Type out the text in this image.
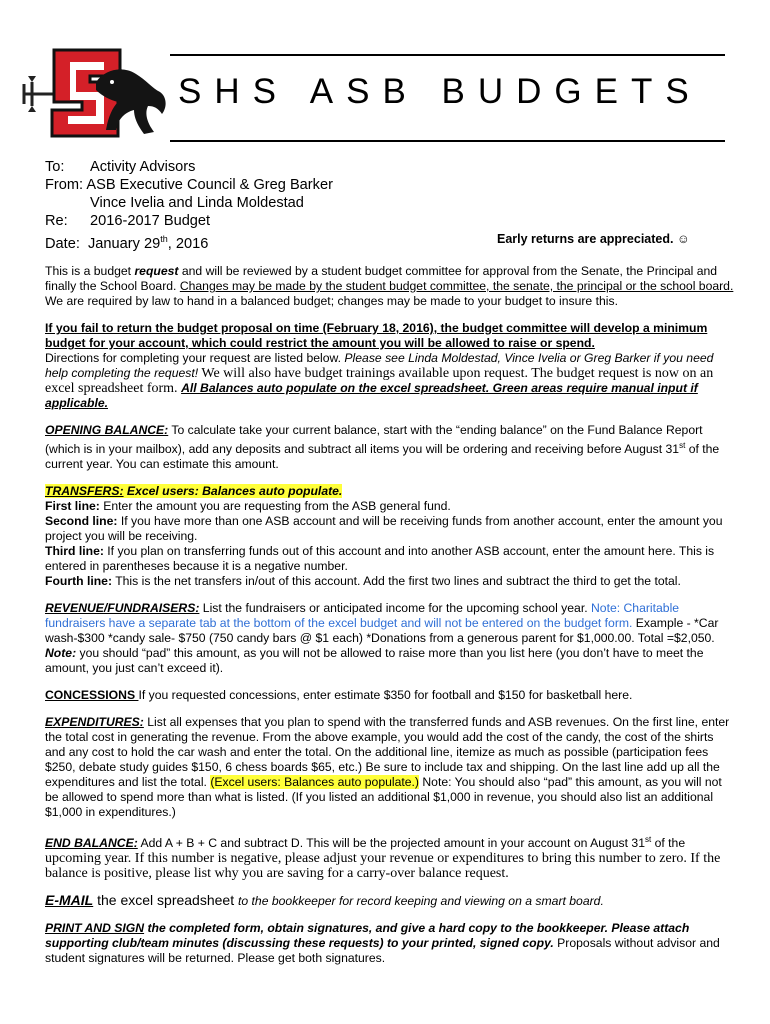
SHS ASB BUDGETS
To: Activity Advisors
From: ASB Executive Council & Greg Barker
Vince Ivelia and Linda Moldestad
Re: 2016-2017 Budget
Date: January 29th, 2016	Early returns are appreciated. ☺

This is a budget request and will be reviewed by a student budget committee for approval from the Senate, the Principal and finally the School Board. Changes may be made by the student budget committee, the senate, the principal or the school board. We are required by law to hand in a balanced budget; changes may be made to your budget to insure this.

If you fail to return the budget proposal on time (February 18, 2016), the budget committee will develop a minimum budget for your account, which could restrict the amount you will be allowed to raise or spend.
Directions for completing your request are listed below. Please see Linda Moldestad, Vince Ivelia or Greg Barker if you need help completing the request! We will also have budget trainings available upon request. The budget request is now on an excel spreadsheet form. All Balances auto populate on the excel spreadsheet. Green areas require manual input if applicable.

OPENING BALANCE: To calculate take your current balance, start with the “ending balance” on the Fund Balance Report (which is in your mailbox), add any deposits and subtract all items you will be ordering and receiving before August 31st of the current year. You can estimate this amount.

TRANSFERS: Excel users: Balances auto populate.
First line: Enter the amount you are requesting from the ASB general fund.
Second line: If you have more than one ASB account and will be receiving funds from another account, enter the amount you project you will be receiving.
Third line: If you plan on transferring funds out of this account and into another ASB account, enter the amount here. This is entered in parentheses because it is a negative number.
Fourth line: This is the net transfers in/out of this account. Add the first two lines and subtract the third to get the total.

REVENUE/FUNDRAISERS: List the fundraisers or anticipated income for the upcoming school year. Note: Charitable fundraisers have a separate tab at the bottom of the excel budget and will not be entered on the budget form. Example - *Car wash-$300 *candy sale- $750 (750 candy bars @ $1 each) *Donations from a generous parent for $1,000.00. Total =$2,050. Note: you should “pad” this amount, as you will not be allowed to raise more than you list here (you don’t have to meet the amount, you just can’t exceed it).

CONCESSIONS If you requested concessions, enter estimate $350 for football and $150 for basketball here.

EXPENDITURES: List all expenses that you plan to spend with the transferred funds and ASB revenues. On the first line, enter the total cost in generating the revenue. From the above example, you would add the cost of the candy, the cost of the shirts and any cost to hold the car wash and enter the total. On the additional line, itemize as much as possible (participation fees $250, debate study guides $150, 6 chess boards $65, etc.) Be sure to include tax and shipping. On the last line add up all the expenditures and list the total. (Excel users: Balances auto populate.) Note: You should also “pad” this amount, as you will not be allowed to spend more than what is listed. (If you listed an additional $1,000 in revenue, you should also list an additional $1,000 in expenditures.)

END BALANCE: Add A + B + C and subtract D. This will be the projected amount in your account on August 31st of the upcoming year. If this number is negative, please adjust your revenue or expenditures to bring this number to zero. If the balance is positive, please list why you are saving for a carry-over balance request.

E-MAIL the excel spreadsheet to the bookkeeper for record keeping and viewing on a smart board.

PRINT AND SIGN the completed form, obtain signatures, and give a hard copy to the bookkeeper. Please attach supporting club/team minutes (discussing these requests) to your printed, signed copy. Proposals without advisor and student signatures will be returned. Please get both signatures.
